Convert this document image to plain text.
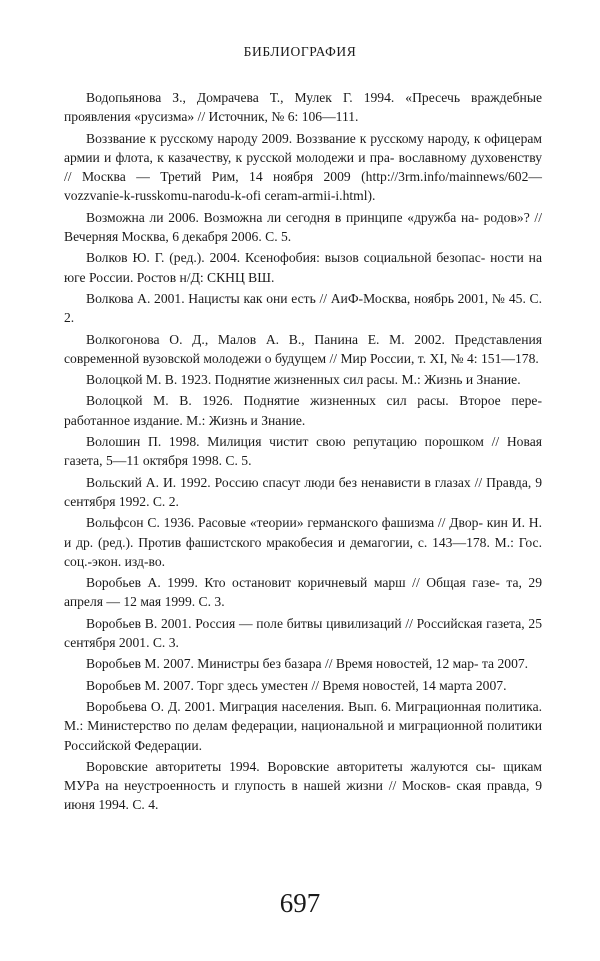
БИБЛИОГРАФИЯ

Водопьянова З., Домрачева Т., Мулек Г. 1994. «Пресечь враждебные проявления «русизма» // Источник, № 6: 106—111.

Воззвание к русскому народу 2009. Воззвание к русскому народу, к офицерам армии и флота, к казачеству, к русской молодежи и пра- вославному духовенству // Москва — Третий Рим, 14 ноября 2009 (http://3rm.info/mainnews/602—vozzvanie-k-russkomu-narodu-k-ofi ceram-armii-i.html).

Возможна ли 2006. Возможна ли сегодня в принципе «дружба на- родов»? // Вечерняя Москва, 6 декабря 2006. С. 5.

Волков Ю. Г. (ред.). 2004. Ксенофобия: вызов социальной безопас- ности на юге России. Ростов н/Д: СКНЦ ВШ.

Волкова А. 2001. Нацисты как они есть // АиФ-Москва, ноябрь 2001, № 45. С. 2.

Волкогонова О. Д., Малов А. В., Панина Е. М. 2002. Представления современной вузовской молодежи о будущем // Мир России, т. XI, № 4: 151—178.

Волоцкой М. В. 1923. Поднятие жизненных сил расы. М.: Жизнь и Знание.

Волоцкой М. В. 1926. Поднятие жизненных сил расы. Второе пере- работанное издание. М.: Жизнь и Знание.

Волошин П. 1998. Милиция чистит свою репутацию порошком // Новая газета, 5—11 октября 1998. С. 5.

Вольский А. И. 1992. Россию спасут люди без ненависти в глазах // Правда, 9 сентября 1992. С. 2.

Вольфсон С. 1936. Расовые «теории» германского фашизма // Двор- кин И. Н. и др. (ред.). Против фашистского мракобесия и демагогии, с. 143—178. М.: Гос. соц.-экон. изд-во.

Воробьев А. 1999. Кто остановит коричневый марш // Общая газе- та, 29 апреля — 12 мая 1999. С. 3.

Воробьев В. 2001. Россия — поле битвы цивилизаций // Российская газета, 25 сентября 2001. С. 3.

Воробьев М. 2007. Министры без базара // Время новостей, 12 мар- та 2007.

Воробьев М. 2007. Торг здесь уместен // Время новостей, 14 марта 2007.

Воробьева О. Д. 2001. Миграция населения. Вып. 6. Миграционная политика. М.: Министерство по делам федерации, национальной и миграционной политики Российской Федерации.

Воровские авторитеты 1994. Воровские авторитеты жалуются сы- щикам МУРа на неустроенность и глупость в нашей жизни // Москов- ская правда, 9 июня 1994. С. 4.

697
